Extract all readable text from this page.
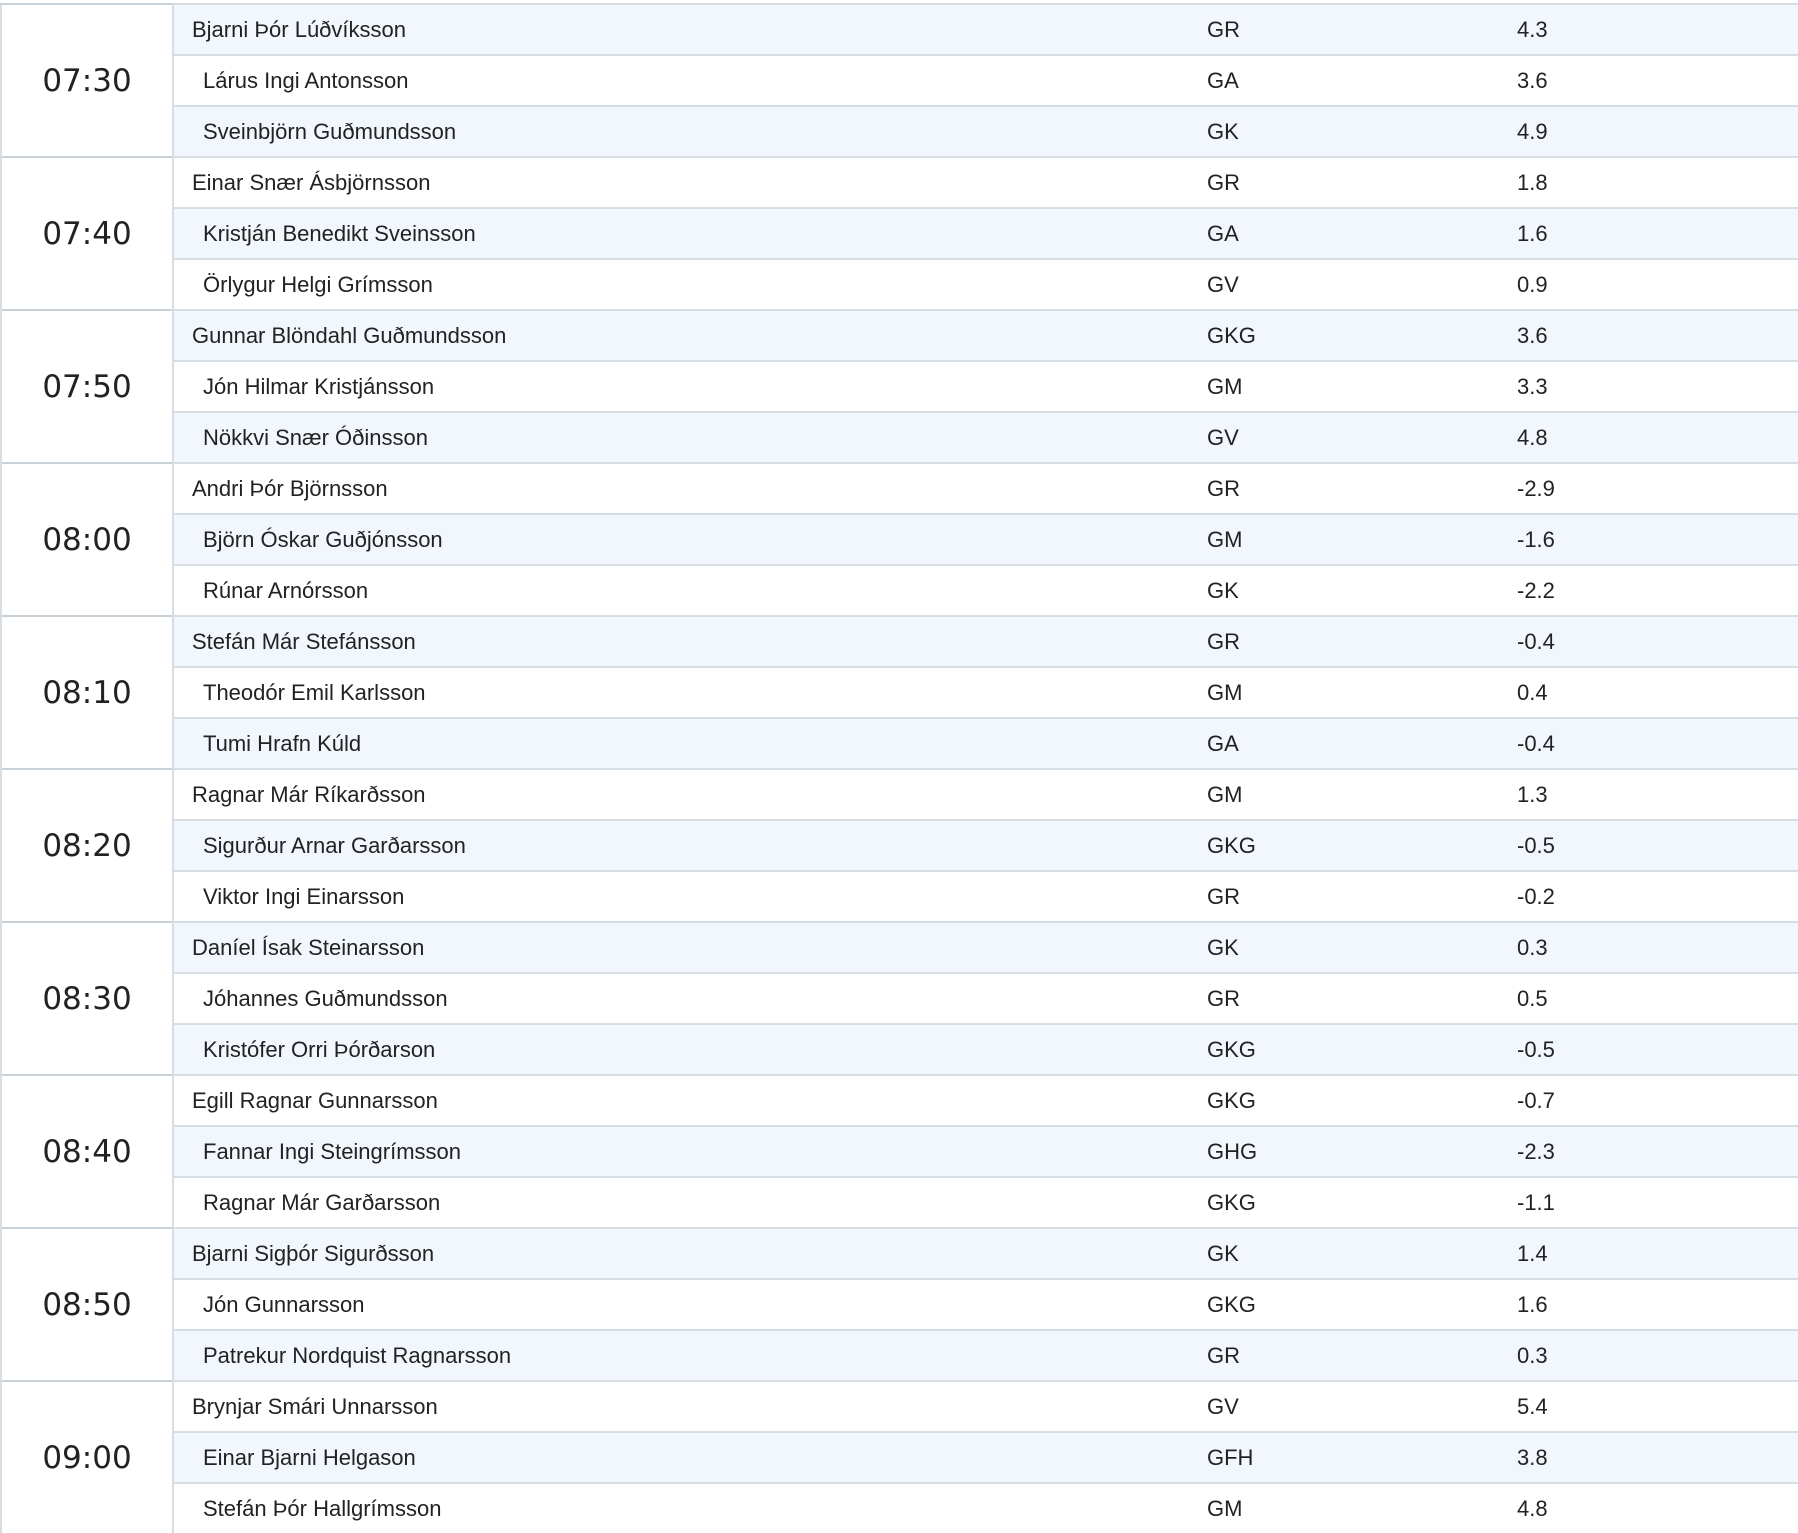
07:30	Bjarni Þór Lúðvíksson	GR	4.3
	Lárus Ingi Antonsson	GA	3.6
	Sveinbjörn Guðmundsson	GK	4.9
07:40	Einar Snær Ásbjörnsson	GR	1.8
	Kristján Benedikt Sveinsson	GA	1.6
	Örlygur Helgi Grímsson	GV	0.9
07:50	Gunnar Blöndahl Guðmundsson	GKG	3.6
	Jón Hilmar Kristjánsson	GM	3.3
	Nökkvi Snær Óðinsson	GV	4.8
08:00	Andri Þór Björnsson	GR	-2.9
	Björn Óskar Guðjónsson	GM	-1.6
	Rúnar Arnórsson	GK	-2.2
08:10	Stefán Már Stefánsson	GR	-0.4
	Theodór Emil Karlsson	GM	0.4
	Tumi Hrafn Kúld	GA	-0.4
08:20	Ragnar Már Ríkarðsson	GM	1.3
	Sigurður Arnar Garðarsson	GKG	-0.5
	Viktor Ingi Einarsson	GR	-0.2
08:30	Daníel Ísak Steinarsson	GK	0.3
	Jóhannes Guðmundsson	GR	0.5
	Kristófer Orri Þórðarson	GKG	-0.5
08:40	Egill Ragnar Gunnarsson	GKG	-0.7
	Fannar Ingi Steingrímsson	GHG	-2.3
	Ragnar Már Garðarsson	GKG	-1.1
08:50	Bjarni Sigþór Sigurðsson	GK	1.4
	Jón Gunnarsson	GKG	1.6
	Patrekur Nordquist Ragnarsson	GR	0.3
09:00	Brynjar Smári Unnarsson	GV	5.4
	Einar Bjarni Helgason	GFH	3.8
	Stefán Þór Hallgrímsson	GM	4.8
